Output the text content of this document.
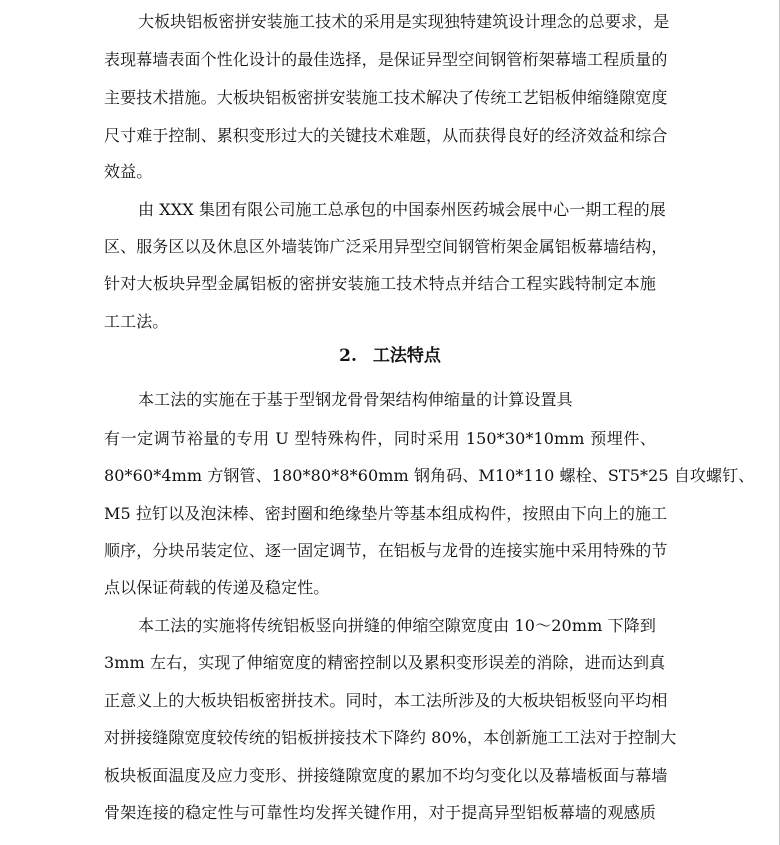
大板块铝板密拼安装施工技术的采用是实现独特建筑设计理念的总要求，是
表现幕墙表面个性化设计的最佳选择，是保证异型空间钢管桁架幕墙工程质量的
主要技术措施。大板块铝板密拼安装施工技术解决了传统工艺铝板伸缩缝隙宽度
尺寸难于控制、累积变形过大的关键技术难题，从而获得良好的经济效益和综合
效益。
由 XXX 集团有限公司施工总承包的中国泰州医药城会展中心一期工程的展
区、服务区以及休息区外墙装饰广泛采用异型空间钢管桁架金属铝板幕墙结构，
针对大板块异型金属铝板的密拼安装施工技术特点并结合工程实践特制定本施
工工法。
2. 工法特点
本工法的实施在于基于型钢龙骨骨架结构伸缩量的计算设置具
有一定调节裕量的专用 U 型特殊构件，同时采用 150*30*10mm 预埋件、
80*60*4mm 方钢管、180*80*8*60mm 钢角码、M10*110 螺栓、ST5*25 自攻螺钉、
M5 拉钉以及泡沫棒、密封圈和绝缘垫片等基本组成构件，按照由下向上的施工
顺序，分块吊装定位、逐一固定调节，在铝板与龙骨的连接实施中采用特殊的节
点以保证荷载的传递及稳定性。
本工法的实施将传统铝板竖向拼缝的伸缩空隙宽度由 10～20mm 下降到
3mm 左右，实现了伸缩宽度的精密控制以及累积变形误差的消除，进而达到真
正意义上的大板块铝板密拼技术。同时，本工法所涉及的大板块铝板竖向平均相
对拼接缝隙宽度较传统的铝板拼接技术下降约 80%，本创新施工工法对于控制大
板块板面温度及应力变形、拼接缝隙宽度的累加不均匀变化以及幕墙板面与幕墙
骨架连接的稳定性与可靠性均发挥关键作用，对于提高异型铝板幕墙的观感质
